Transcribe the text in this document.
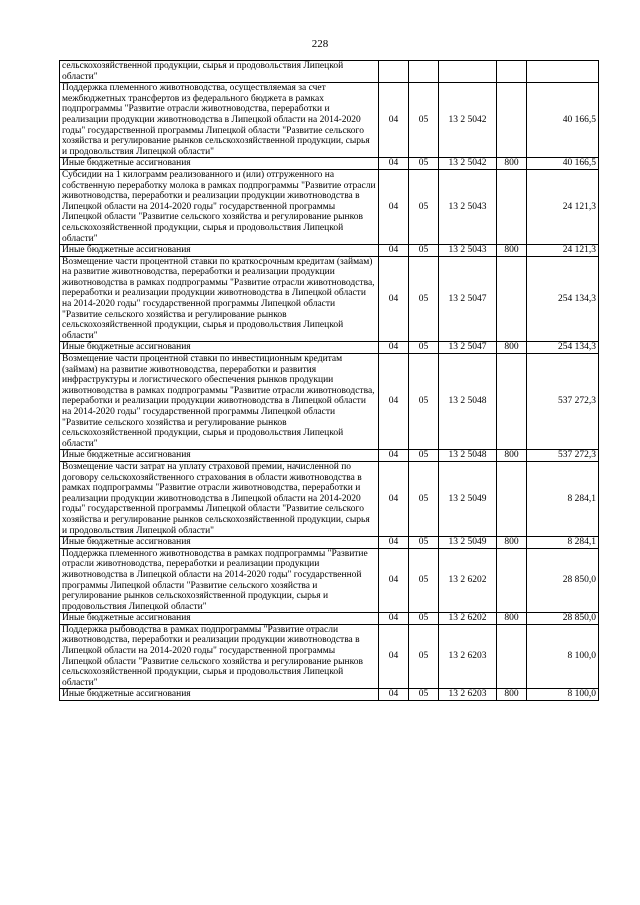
228
сельскохозяйственной продукции, сырья и продовольствия Липецкой области"					
Поддержка племенного животноводства, осуществляемая за счет межбюджетных трансфертов из федерального бюджета в рамках подпрограммы "Развитие отрасли животноводства, переработки и реализации продукции животноводства в Липецкой области на 2014-2020 годы" государственной программы Липецкой области "Развитие сельского хозяйства и регулирование рынков сельскохозяйственной продукции, сырья и продовольствия Липецкой области"	04	05	13 2 5042		40 166,5
Иные бюджетные ассигнования	04	05	13 2 5042	800	40 166,5
Субсидии на 1 килограмм реализованного и (или) отгруженного на собственную переработку молока в рамках подпрограммы "Развитие отрасли животноводства, переработки и реализации продукции животноводства в Липецкой области на 2014-2020 годы" государственной программы Липецкой области "Развитие сельского хозяйства и регулирование рынков сельскохозяйственной продукции, сырья и продовольствия Липецкой области"	04	05	13 2 5043		24 121,3
Иные бюджетные ассигнования	04	05	13 2 5043	800	24 121,3
Возмещение части процентной ставки по краткосрочным кредитам (займам) на развитие животноводства, переработки и реализации продукции животноводства в рамках подпрограммы "Развитие отрасли животноводства, переработки и реализации продукции животноводства в Липецкой области на 2014-2020 годы" государственной программы Липецкой области "Развитие сельского хозяйства и регулирование рынков сельскохозяйственной продукции, сырья и продовольствия Липецкой области"	04	05	13 2 5047		254 134,3
Иные бюджетные ассигнования	04	05	13 2 5047	800	254 134,3
Возмещение части процентной ставки по инвестиционным кредитам (займам) на развитие животноводства, переработки и развития инфраструктуры и логистического обеспечения рынков продукции животноводства в рамках подпрограммы "Развитие отрасли животноводства, переработки и реализации продукции животноводства в Липецкой области на 2014-2020 годы" государственной программы Липецкой области "Развитие сельского хозяйства и регулирование рынков сельскохозяйственной продукции, сырья и продовольствия Липецкой области"	04	05	13 2 5048		537 272,3
Иные бюджетные ассигнования	04	05	13 2 5048	800	537 272,3
Возмещение части затрат на уплату страховой премии, начисленной по договору сельскохозяйственного страхования в области животноводства в рамках подпрограммы "Развитие отрасли животноводства, переработки и реализации продукции животноводства в Липецкой области на 2014-2020 годы" государственной программы Липецкой области "Развитие сельского хозяйства и регулирование рынков сельскохозяйственной продукции, сырья и продовольствия Липецкой области"	04	05	13 2 5049		8 284,1
Иные бюджетные ассигнования	04	05	13 2 5049	800	8 284,1
Поддержка племенного животноводства в рамках подпрограммы "Развитие отрасли животноводства, переработки и реализации продукции животноводства в Липецкой области на 2014-2020 годы" государственной программы Липецкой области "Развитие сельского хозяйства и регулирование рынков сельскохозяйственной продукции, сырья и продовольствия Липецкой области"	04	05	13 2 6202		28 850,0
Иные бюджетные ассигнования	04	05	13 2 6202	800	28 850,0
Поддержка рыбоводства в рамках подпрограммы "Развитие отрасли животноводства, переработки и реализации продукции животноводства в Липецкой области на 2014-2020 годы" государственной программы Липецкой области "Развитие сельского хозяйства и регулирование рынков сельскохозяйственной продукции, сырья и продовольствия Липецкой области"	04	05	13 2 6203		8 100,0
Иные бюджетные ассигнования	04	05	13 2 6203	800	8 100,0
